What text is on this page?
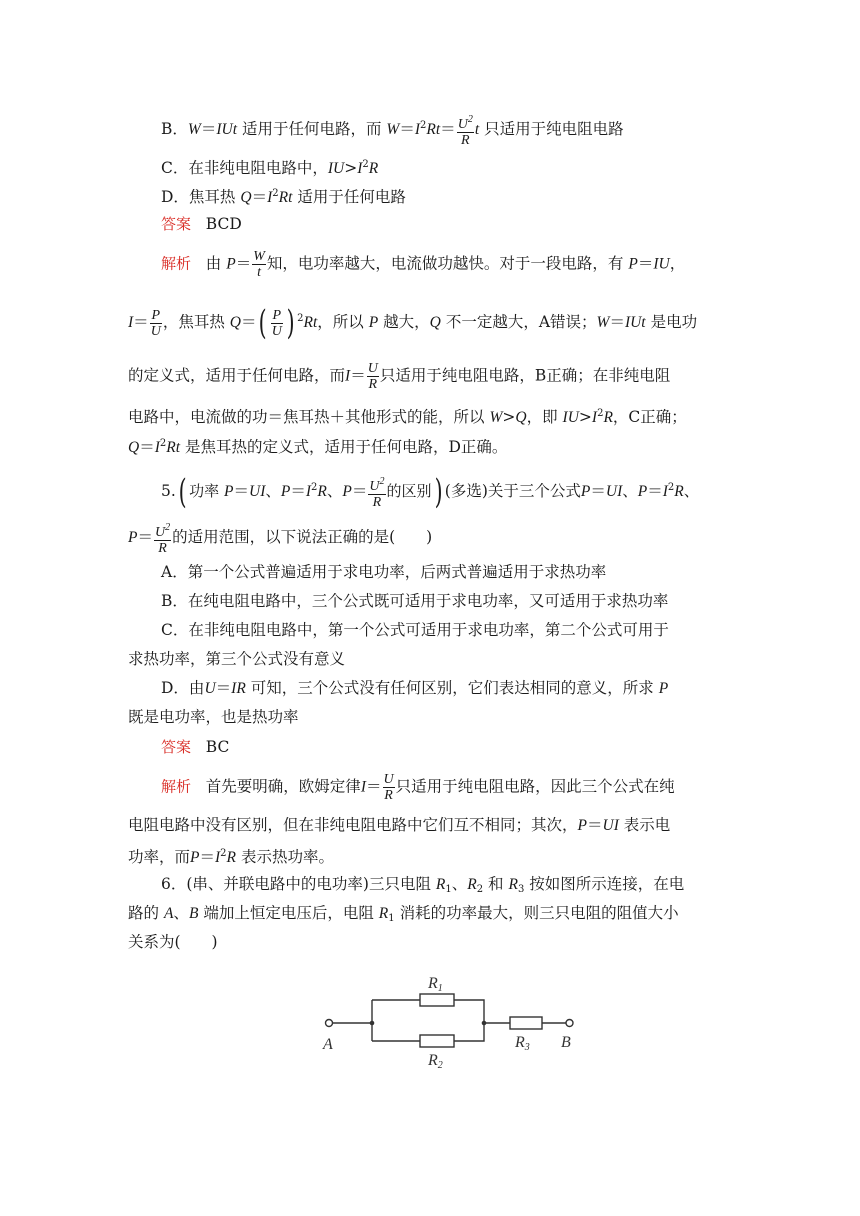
B．W＝IUt 适用于任何电路，而 $W=I^2Rt= \frac{U^2}{R}$ t 只适用于纯电阻电路
C．在非纯电阻电路中，$IU>I^2R$
D．焦耳热 $Q=I^2Rt$ 适用于任何电路
答案 BCD
解析 由 $P= \frac{W}{t}$ 知，电功率越大，电流做功越快。对于一段电路，有 P＝IU，
$I= \frac{P}{U}$ ，焦耳热 $Q=( \frac{P}{U}$ ) $^2$Rt，所以 P 越大，Q 不一定越大，A错误；W＝IUt 是电功
的定义式，适用于任何电路，而$I= \frac{U}{R}$ 只适用于纯电阻电路，B正确；在非纯电阻
电路中，电流做的功＝焦耳热＋其他形式的能，所以 W>Q，即 $IU>I^2R$，C正确；
$Q=I^2Rt$ 是焦耳热的定义式，适用于任何电路，D正确。
5.( 功率 P＝UI、$P=I^2R$、$P= \frac{U^2}{R}$ 的区别) (多选)关于三个公式P＝UI、$P=I^2R$、
$P= \frac{U^2}{R}$ 的适用范围，以下说法正确的是(　　)
A．第一个公式普遍适用于求电功率，后两式普遍适用于求热功率
B．在纯电阻电路中，三个公式既可适用于求电功率，又可适用于求热功率
C．在非纯电阻电路中，第一个公式可适用于求电功率，第二个公式可用于
求热功率，第三个公式没有意义
D．由U＝IR 可知，三个公式没有任何区别，它们表达相同的意义，所求 P
既是电功率，也是热功率
答案 BC
解析 首先要明确，欧姆定律$I= \frac{U}{R}$ 只适用于纯电阻电路，因此三个公式在纯
电阻电路中没有区别，但在非纯电阻电路中它们互不相同；其次，P＝UI 表示电
功率，而$P=I^2R$ 表示热功率。
6．(串、并联电路中的电功率)三只电阻 $R_1$、$R_2$ 和 $R_3$ 按如图所示连接，在电
路的 A、B 端加上恒定电压后，电阻 $R_1$ 消耗的功率最大，则三只电阻的阻值大小
关系为(　　)
R1
R2
R3
A	B
